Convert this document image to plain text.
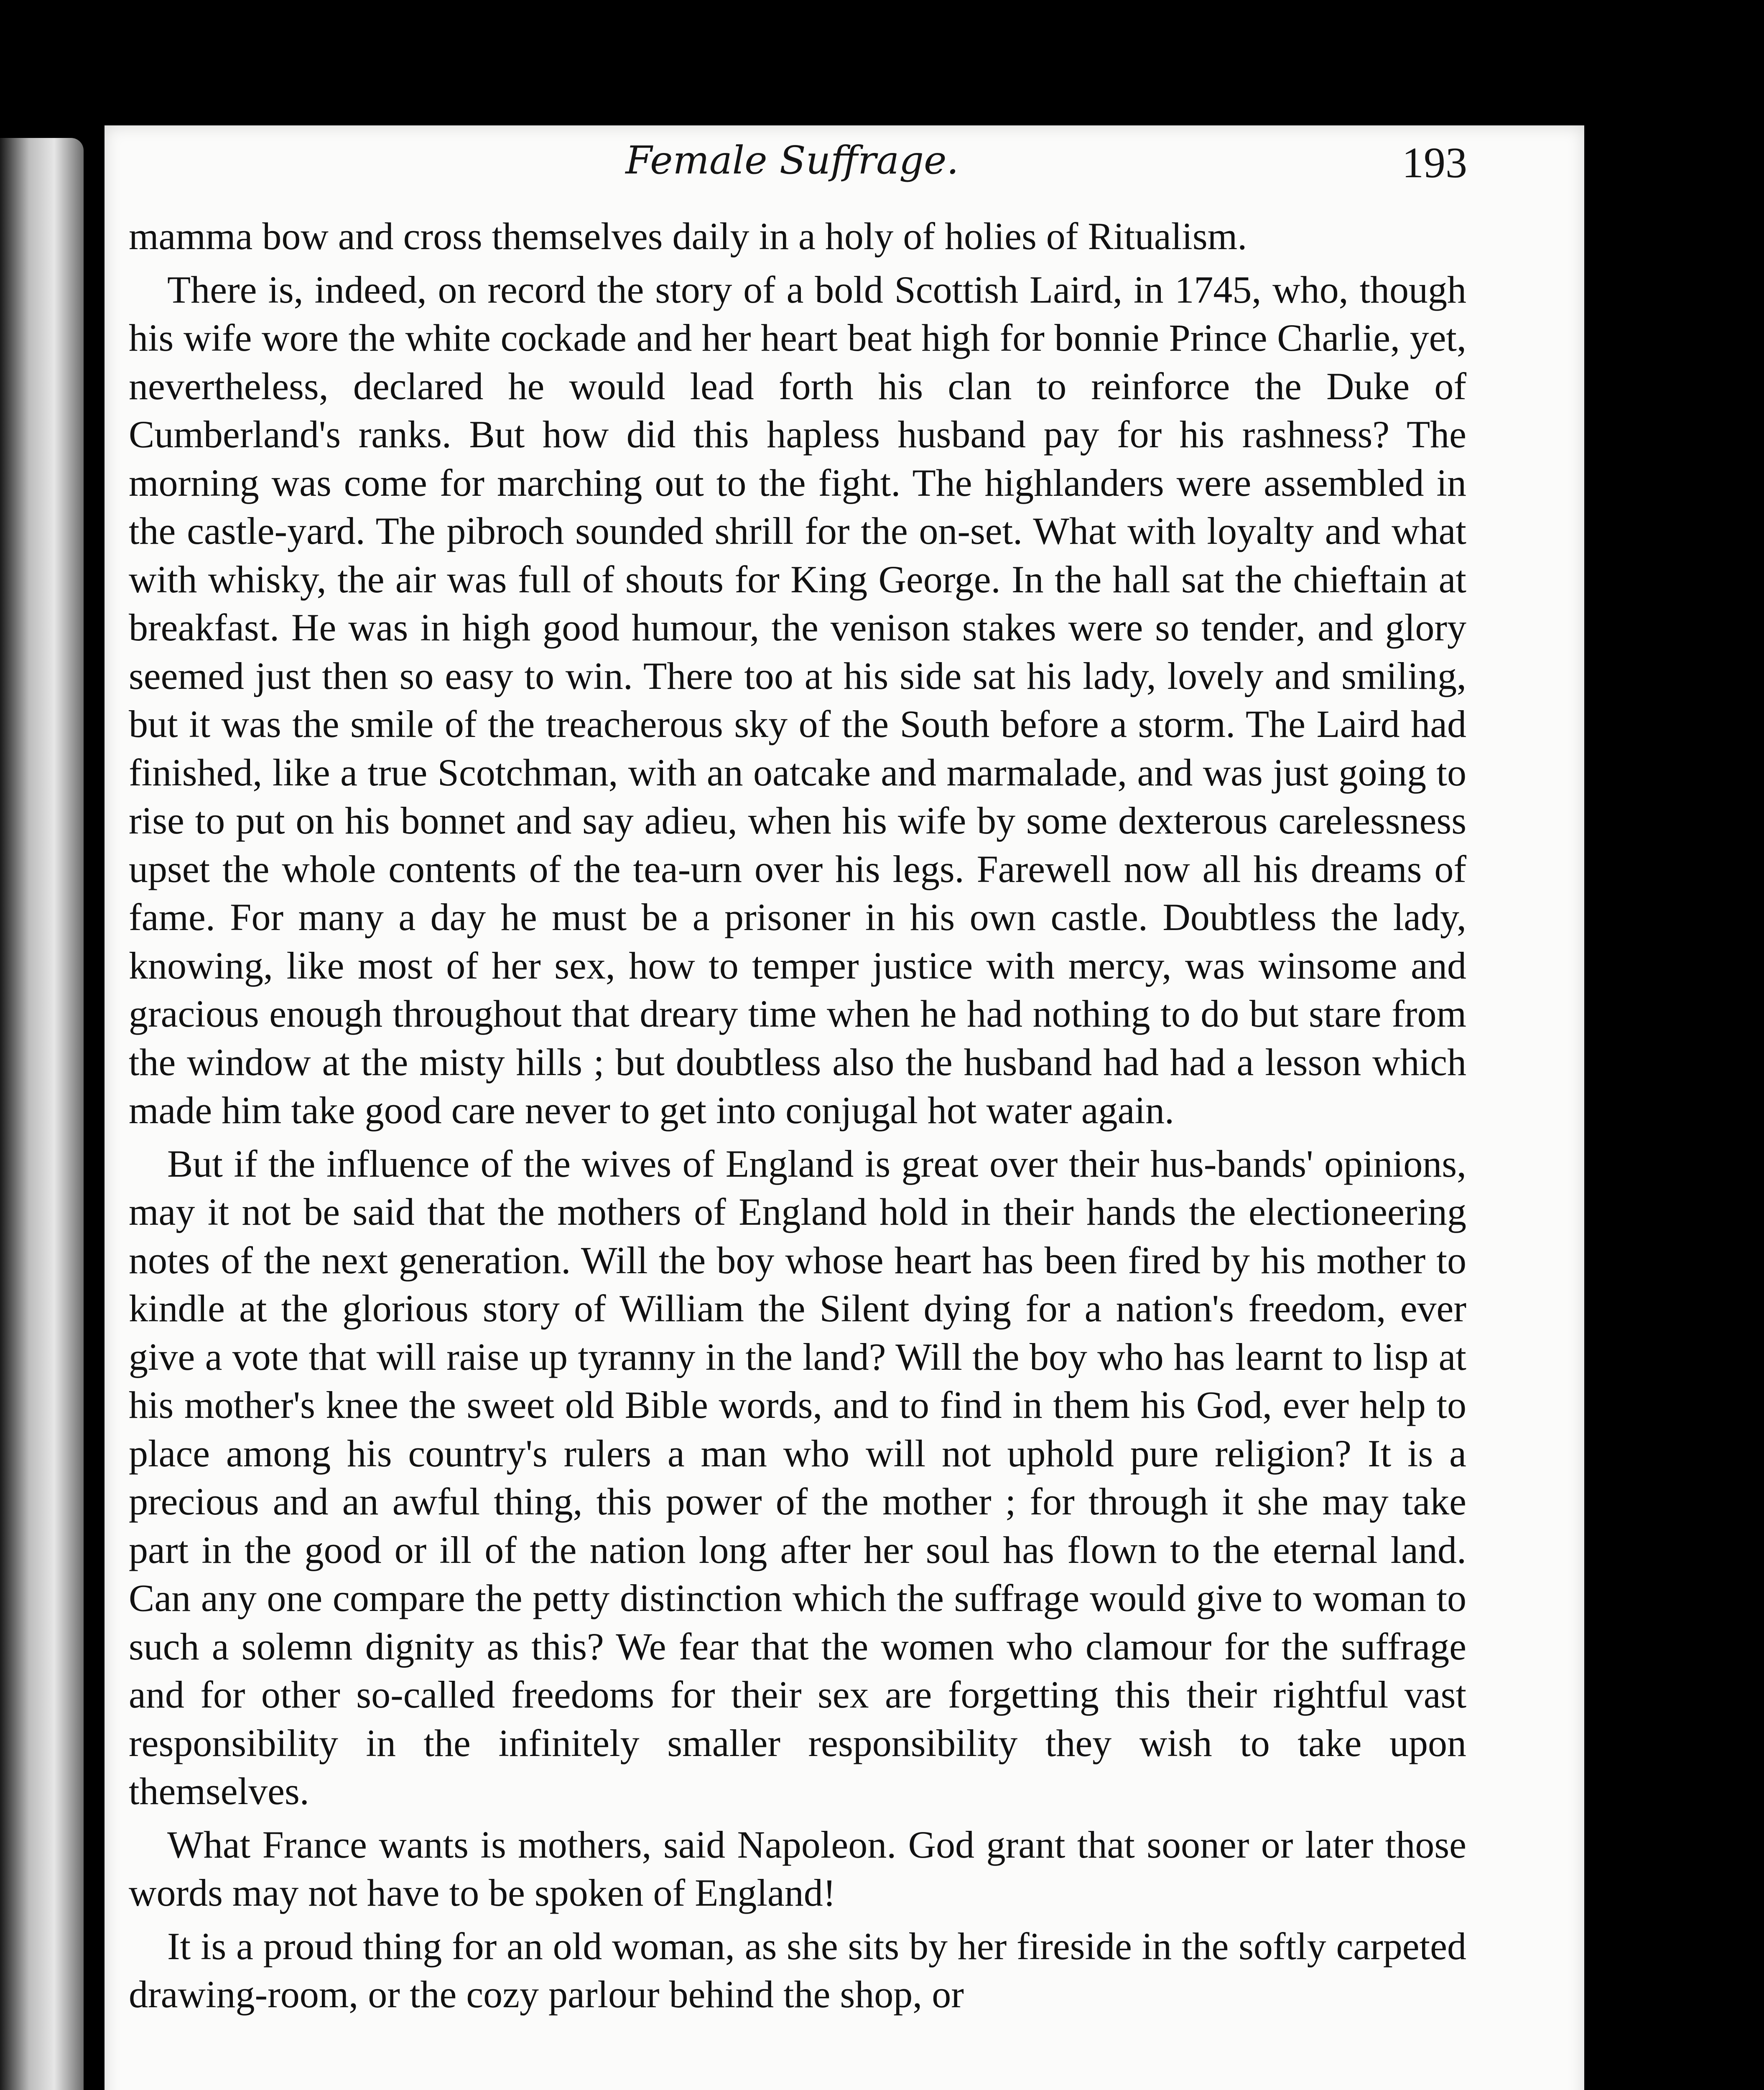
Female Suffrage.	193

mamma bow and cross themselves daily in a holy of holies of Ritualism.

There is, indeed, on record the story of a bold Scottish Laird, in 1745, who, though his wife wore the white cockade and her heart beat high for bonnie Prince Charlie, yet, nevertheless, declared he would lead forth his clan to reinforce the Duke of Cumberland's ranks. But how did this hapless husband pay for his rashness? The morning was come for marching out to the fight. The highlanders were assembled in the castle-yard. The pibroch sounded shrill for the on-set. What with loyalty and what with whisky, the air was full of shouts for King George. In the hall sat the chieftain at breakfast. He was in high good humour, the venison stakes were so tender, and glory seemed just then so easy to win. There too at his side sat his lady, lovely and smiling, but it was the smile of the treacherous sky of the South before a storm. The Laird had finished, like a true Scotchman, with an oatcake and marmalade, and was just going to rise to put on his bonnet and say adieu, when his wife by some dexterous carelessness upset the whole contents of the tea-urn over his legs. Farewell now all his dreams of fame. For many a day he must be a prisoner in his own castle. Doubtless the lady, knowing, like most of her sex, how to temper justice with mercy, was winsome and gracious enough throughout that dreary time when he had nothing to do but stare from the window at the misty hills ; but doubtless also the husband had had a lesson which made him take good care never to get into conjugal hot water again.

But if the influence of the wives of England is great over their hus-bands' opinions, may it not be said that the mothers of England hold in their hands the electioneering notes of the next generation. Will the boy whose heart has been fired by his mother to kindle at the glorious story of William the Silent dying for a nation's freedom, ever give a vote that will raise up tyranny in the land? Will the boy who has learnt to lisp at his mother's knee the sweet old Bible words, and to find in them his God, ever help to place among his country's rulers a man who will not uphold pure religion? It is a precious and an awful thing, this power of the mother ; for through it she may take part in the good or ill of the nation long after her soul has flown to the eternal land. Can any one compare the petty distinction which the suffrage would give to woman to such a solemn dignity as this? We fear that the women who clamour for the suffrage and for other so-called freedoms for their sex are forgetting this their rightful vast responsibility in the infinitely smaller responsibility they wish to take upon themselves.

What France wants is mothers, said Napoleon. God grant that sooner or later those words may not have to be spoken of England!

It is a proud thing for an old woman, as she sits by her fireside in the softly carpeted drawing-room, or the cozy parlour behind the shop, or
